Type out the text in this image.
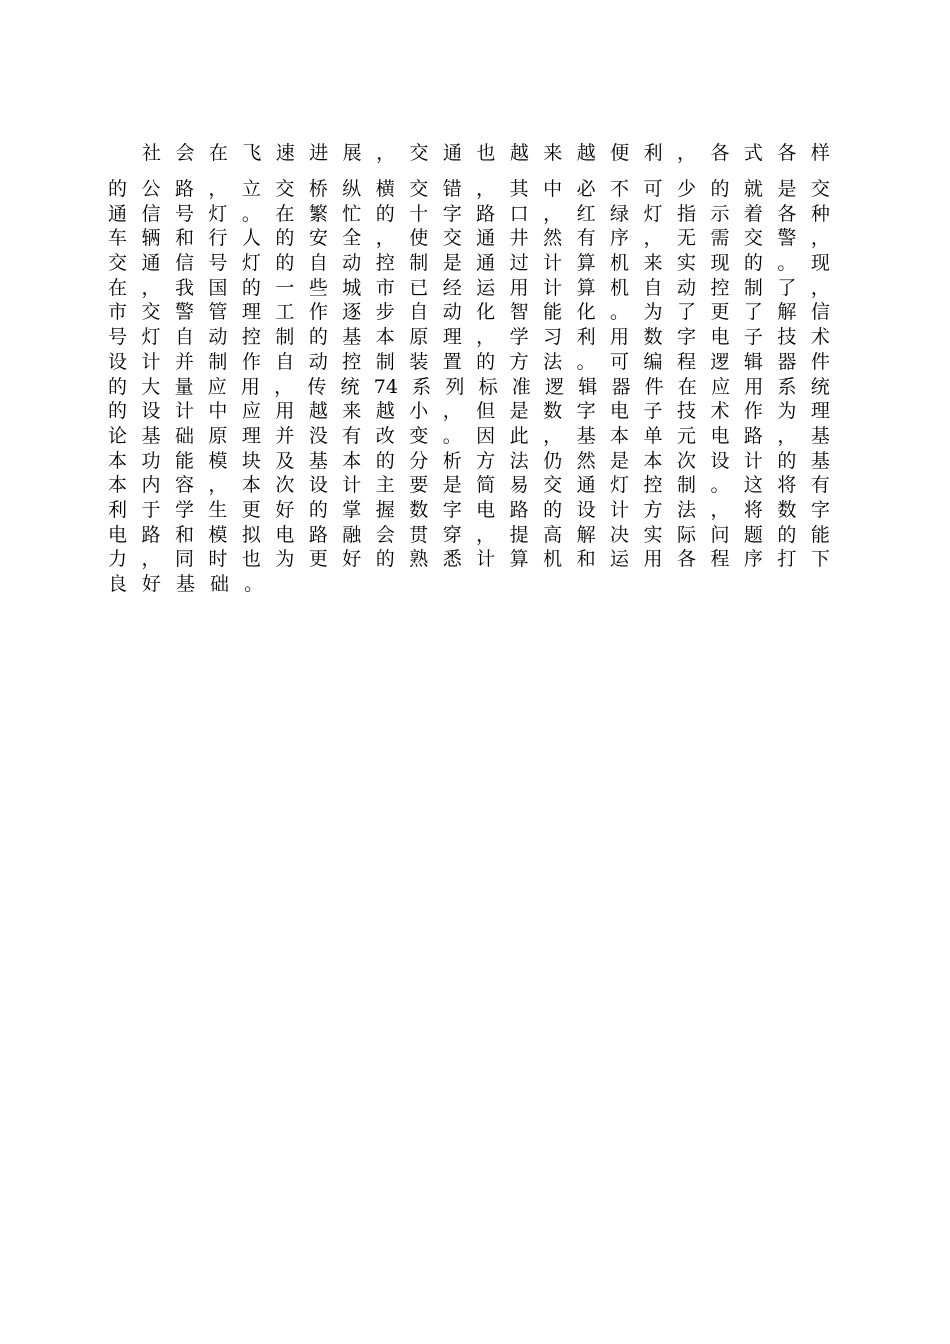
社 会 在 飞 速 进 展 ， 交 通 也 越 来 越 便 利 ， 各 式 各 样
的 公 路 ， 立 交 桥 纵 横 交 错 ， 其 中 必 不 可 少 的 就 是 交
通 信 号 灯 。 在 繁 忙 的 十 字 路 口 ， 红 绿 灯 指 示 着 各 种
车 辆 和 行 人 的 安 全 ， 使 交 通 井 然 有 序 ， 无 需 交 警 ，
交 通 信 号 灯 的 自 动 控 制 是 通 过 计 算 机 来 实 现 的 。 现
在 ， 我 国 的 一 些 城 市 已 经 运 用 计 算 机 自 动 控 制 了 ，
市 交 警 管 理 工 作 逐 步 自 动 化 智 能 化 。 为 了 更 了 解 信
号 灯 自 动 控 制 的 基 本 原 理 ， 学 习 利 用 数 字 电 子 技 术
设 计 并 制 作 自 动 控 制 装 置 的 方 法 。 可 编 程 逻 辑 器 件
的 大 量 应 用 ， 传 统 74 系 列 标 准 逻 辑 器 件 在 应 用 系 统
的 设 计 中 应 用 越 来 越 小 ， 但 是 数 字 电 子 技 术 作 为 理
论 基 础 原 理 并 没 有 改 变 。 因 此 ， 基 本 单 元 电 路 ， 基
本 功 能 模 块 及 基 本 的 分 析 方 法 仍 然 是 本 次 设 计 的 基
本 内 容 ， 本 次 设 计 主 要 是 简 易 交 通 灯 控 制 。 这 将 有
利 于 学 生 更 好 的 掌 握 数 字 电 路 的 设 计 方 法 ， 将 数 字
电 路 和 模 拟 电 路 融 会 贯 穿 ， 提 高 解 决 实 际 问 题 的 能
力 ， 同 时 也 为 更 好 的 熟 悉 计 算 机 和 运 用 各 程 序 打 下
良 好 基 础 。
